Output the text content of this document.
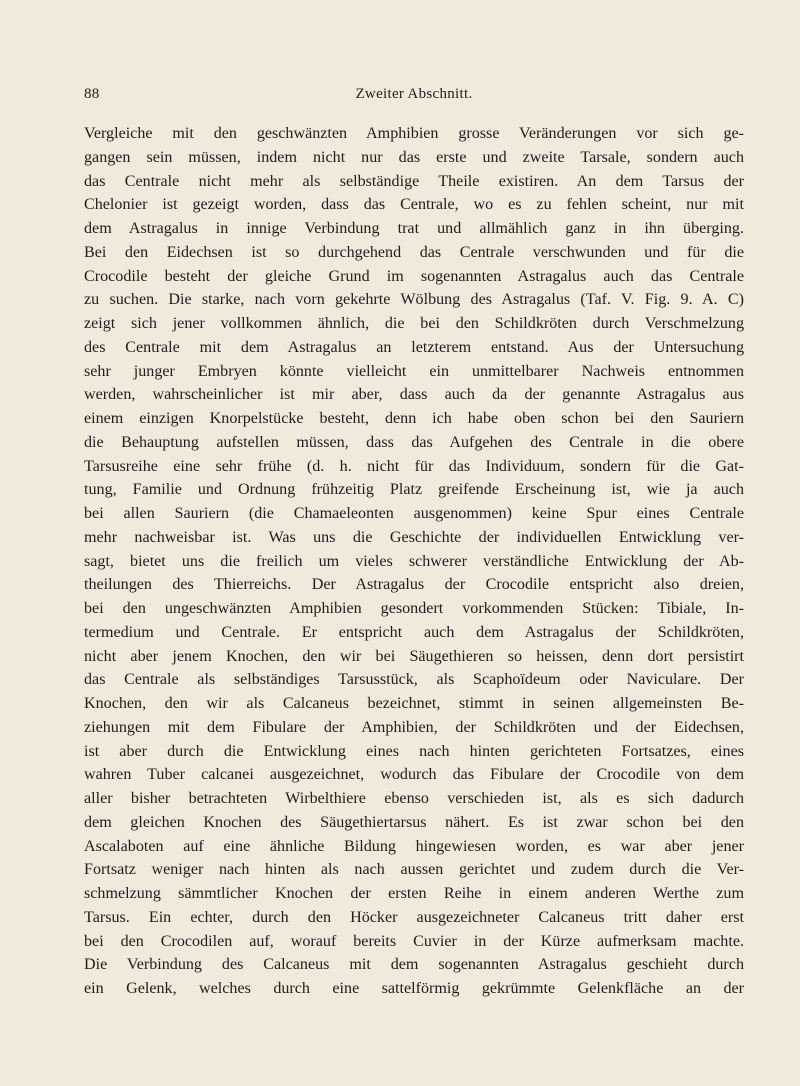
88	Zweiter Abschnitt.
Vergleiche mit den geschwänzten Amphibien grosse Veränderungen vor sich ge-
gangen sein müssen, indem nicht nur das erste und zweite Tarsale, sondern auch
das Centrale nicht mehr als selbständige Theile existiren. An dem Tarsus der
Chelonier ist gezeigt worden, dass das Centrale, wo es zu fehlen scheint, nur mit
dem Astragalus in innige Verbindung trat und allmählich ganz in ihn überging.
Bei den Eidechsen ist so durchgehend das Centrale verschwunden und für die
Crocodile besteht der gleiche Grund im sogenannten Astragalus auch das Centrale
zu suchen. Die starke, nach vorn gekehrte Wölbung des Astragalus (Taf. V. Fig. 9. A. C)
zeigt sich jener vollkommen ähnlich, die bei den Schildkröten durch Verschmelzung
des Centrale mit dem Astragalus an letzterem entstand. Aus der Untersuchung
sehr junger Embryen könnte vielleicht ein unmittelbarer Nachweis entnommen
werden, wahrscheinlicher ist mir aber, dass auch da der genannte Astragalus aus
einem einzigen Knorpelstücke besteht, denn ich habe oben schon bei den Sauriern
die Behauptung aufstellen müssen, dass das Aufgehen des Centrale in die obere
Tarsusreihe eine sehr frühe (d. h. nicht für das Individuum, sondern für die Gat-
tung, Familie und Ordnung frühzeitig Platz greifende Erscheinung ist, wie ja auch
bei allen Sauriern (die Chamaeleonten ausgenommen) keine Spur eines Centrale
mehr nachweisbar ist. Was uns die Geschichte der individuellen Entwicklung ver-
sagt, bietet uns die freilich um vieles schwerer verständliche Entwicklung der Ab-
theilungen des Thierreichs. Der Astragalus der Crocodile entspricht also dreien,
bei den ungeschwänzten Amphibien gesondert vorkommenden Stücken: Tibiale, In-
termedium und Centrale. Er entspricht auch dem Astragalus der Schildkröten,
nicht aber jenem Knochen, den wir bei Säugethieren so heissen, denn dort persistirt
das Centrale als selbständiges Tarsusstück, als Scaphoïdeum oder Naviculare. Der
Knochen, den wir als Calcaneus bezeichnet, stimmt in seinen allgemeinsten Be-
ziehungen mit dem Fibulare der Amphibien, der Schildkröten und der Eidechsen,
ist aber durch die Entwicklung eines nach hinten gerichteten Fortsatzes, eines
wahren Tuber calcanei ausgezeichnet, wodurch das Fibulare der Crocodile von dem
aller bisher betrachteten Wirbelthiere ebenso verschieden ist, als es sich dadurch
dem gleichen Knochen des Säugethiertarsus nähert. Es ist zwar schon bei den
Ascalaboten auf eine ähnliche Bildung hingewiesen worden, es war aber jener
Fortsatz weniger nach hinten als nach aussen gerichtet und zudem durch die Ver-
schmelzung sämmtlicher Knochen der ersten Reihe in einem anderen Werthe zum
Tarsus. Ein echter, durch den Höcker ausgezeichneter Calcaneus tritt daher erst
bei den Crocodilen auf, worauf bereits Cuvier in der Kürze aufmerksam machte.
Die Verbindung des Calcaneus mit dem sogenannten Astragalus geschieht durch
ein Gelenk, welches durch eine sattelförmig gekrümmte Gelenkfläche an der
